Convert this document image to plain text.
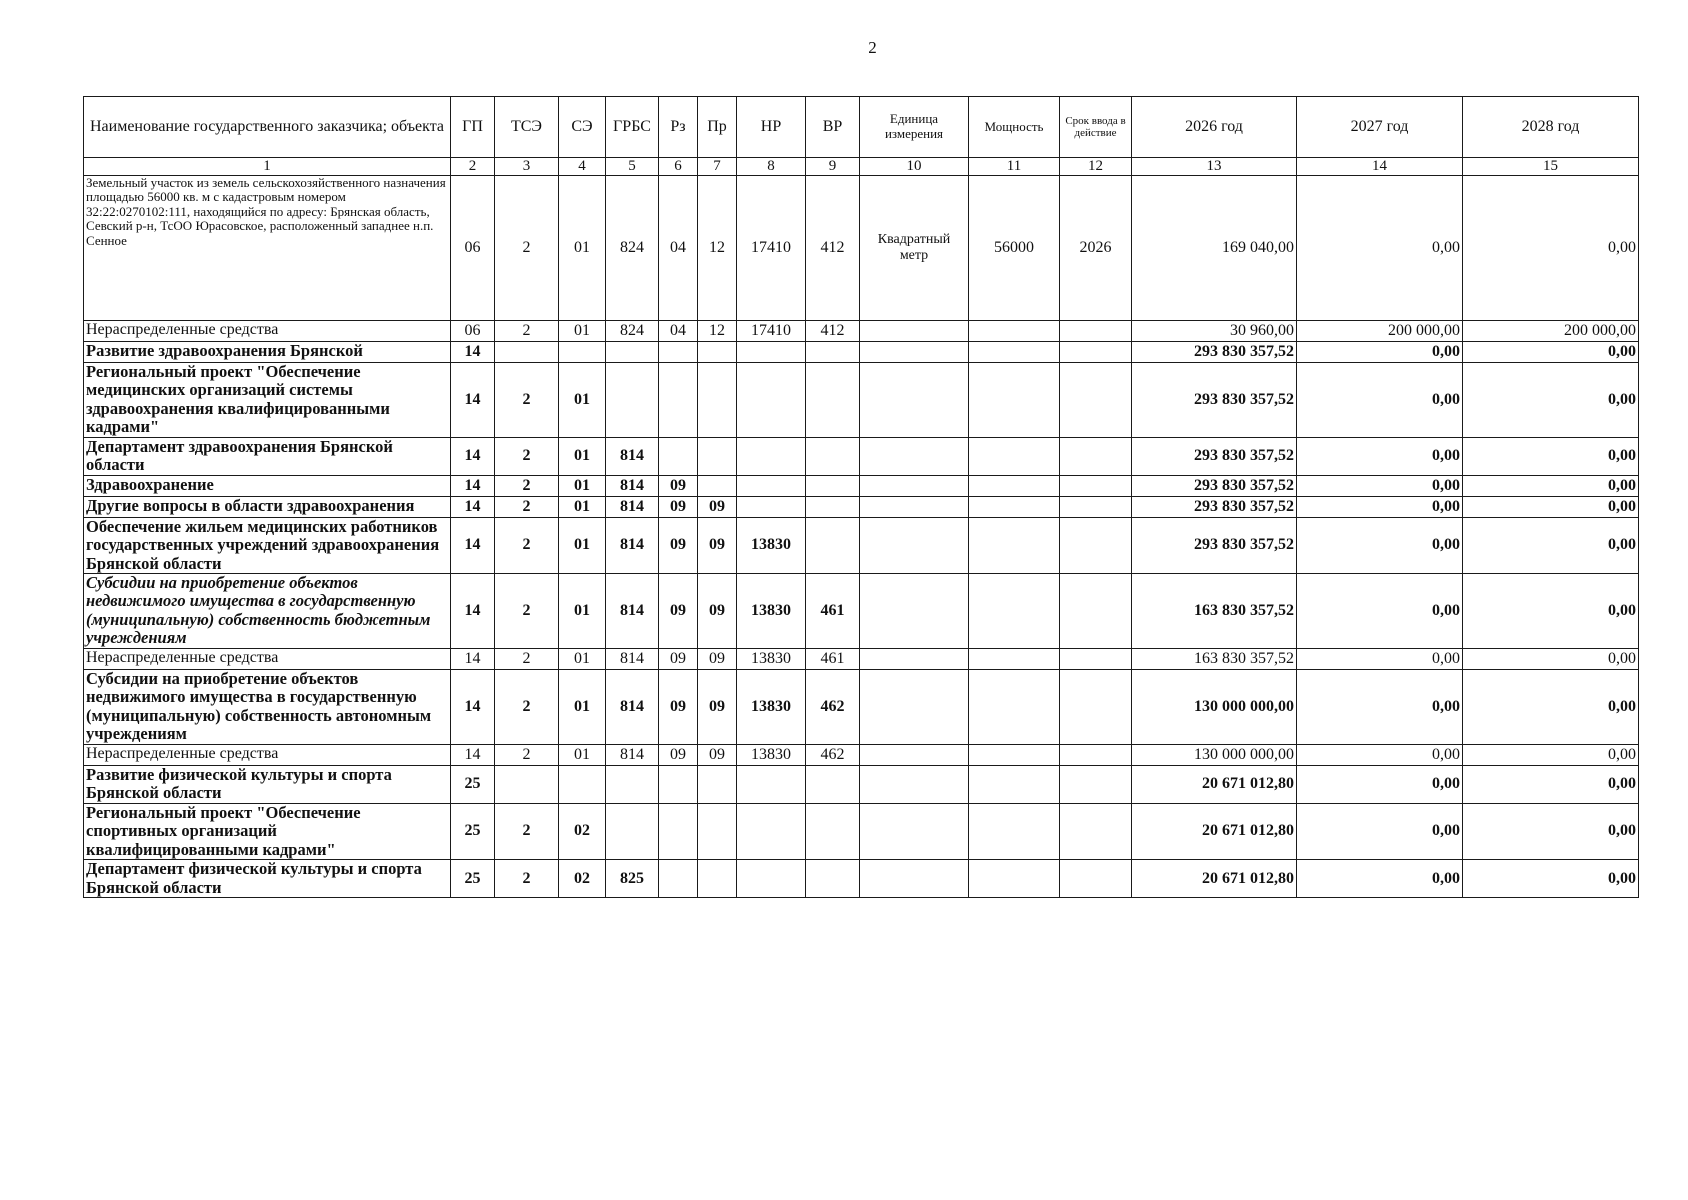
2
Наименование государственного заказчика; объекта	ГП	ТСЭ	СЭ	ГРБС	Рз	Пр	НР	ВР	Единица измерения	Мощность	Срок ввода в действие	2026 год	2027 год	2028 год
1	2	3	4	5	6	7	8	9	10	11	12	13	14	15
Земельный участок из земель сельскохозяйственного назначения площадью 56000 кв. м с кадастровым номером 32:22:0270102:111, находящийся по адресу: Брянская область, Севский р-н, ТсОО Юрасовское, расположенный западнее н.п. Сенное	06	2	01	824	04	12	17410	412	Квадратный метр	56000	2026	169 040,00	0,00	0,00
Нераспределенные средства	06	2	01	824	04	12	17410	412				30 960,00	200 000,00	200 000,00
Развитие здравоохранения Брянской	14											293 830 357,52	0,00	0,00
Региональный проект "Обеспечение медицинских организаций системы здравоохранения квалифицированными кадрами"	14	2	01									293 830 357,52	0,00	0,00
Департамент здравоохранения Брянской области	14	2	01	814								293 830 357,52	0,00	0,00
Здравоохранение	14	2	01	814	09							293 830 357,52	0,00	0,00
Другие вопросы в области здравоохранения	14	2	01	814	09	09						293 830 357,52	0,00	0,00
Обеспечение жильем медицинских работников государственных учреждений здравоохранения Брянской области	14	2	01	814	09	09	13830					293 830 357,52	0,00	0,00
Субсидии на приобретение объектов недвижимого имущества в государственную (муниципальную) собственность бюджетным учреждениям	14	2	01	814	09	09	13830	461				163 830 357,52	0,00	0,00
Нераспределенные средства	14	2	01	814	09	09	13830	461				163 830 357,52	0,00	0,00
Субсидии на приобретение объектов недвижимого имущества в государственную (муниципальную) собственность автономным учреждениям	14	2	01	814	09	09	13830	462				130 000 000,00	0,00	0,00
Нераспределенные средства	14	2	01	814	09	09	13830	462				130 000 000,00	0,00	0,00
Развитие физической культуры и спорта Брянской области	25											20 671 012,80	0,00	0,00
Региональный проект "Обеспечение спортивных организаций квалифицированными кадрами"	25	2	02									20 671 012,80	0,00	0,00
Департамент физической культуры и спорта Брянской области	25	2	02	825								20 671 012,80	0,00	0,00
